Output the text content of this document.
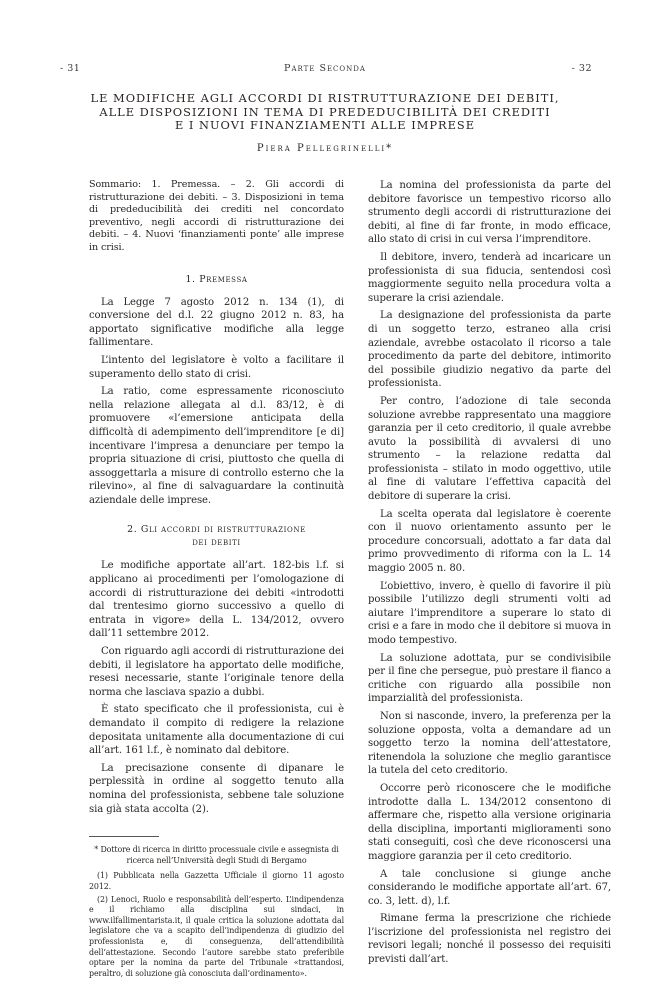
- 31	Parte Seconda	- 32
LE MODIFICHE AGLI ACCORDI DI RISTRUTTURAZIONE DEI DEBITI,
ALLE DISPOSIZIONI IN TEMA DI PREDEDUCIBILITÀ DEI CREDITI
E I NUOVI FINANZIAMENTI ALLE IMPRESE
Piera Pellegrinelli*

Sommario: 1. Premessa. – 2. Gli accordi di ristrutturazione dei debiti. – 3. Disposizioni in tema di prededucibilità dei crediti nel concordato preventivo, negli accordi di ristrutturazione dei debiti. – 4. Nuovi ‘finanziamenti ponte’ alle imprese in crisi.

1. Premessa

La Legge 7 agosto 2012 n. 134 (1), di conversione del d.l. 22 giugno 2012 n. 83, ha apportato significative modifiche alla legge fallimentare.

L’intento del legislatore è volto a facilitare il superamento dello stato di crisi.

La ratio, come espressamente riconosciuto nella relazione allegata al d.l. 83/12, è di promuovere «l’emersione anticipata della difficoltà di adempimento dell’imprenditore [e di] incentivare l’impresa a denunciare per tempo la propria situazione di crisi, piuttosto che quella di assoggettarla a misure di controllo esterno che la rilevino», al fine di salvaguardare la continuità aziendale delle imprese.

2. Gli accordi di ristrutturazione
dei debiti

Le modifiche apportate all’art. 182-bis l.f. si applicano ai procedimenti per l’omologazione di accordi di ristrutturazione dei debiti «introdotti dal trentesimo giorno successivo a quello di entrata in vigore» della L. 134/2012, ovvero dall’11 settembre 2012.

Con riguardo agli accordi di ristrutturazione dei debiti, il legislatore ha apportato delle modifiche, resesi necessarie, stante l’originale tenore della norma che lasciava spazio a dubbi.

È stato specificato che il professionista, cui è demandato il compito di redigere la relazione depositata unitamente alla documentazione di cui all’art. 161 l.f., è nominato dal debitore.

La precisazione consente di dipanare le perplessità in ordine al soggetto tenuto alla nomina del professionista, sebbene tale soluzione sia già stata accolta (2).

* Dottore di ricerca in diritto processuale civile e assegnista di ricerca nell’Università degli Studi di Bergamo

(1) Pubblicata nella Gazzetta Ufficiale il giorno 11 agosto 2012.

(2) Lenoci, Ruolo e responsabilità dell’esperto. L’indipendenza e il richiamo alla disciplina sui sindaci, in www.ilfallimentarista.it, il quale critica la soluzione adottata dal legislatore che va a scapito dell’indipendenza di giudizio del professionista e, di conseguenza, dell’attendibilità dell’attestazione. Secondo l’autore sarebbe stato preferibile optare per la nomina da parte del Tribunale «trattandosi, peraltro, di soluzione già conosciuta dall’ordinamento».

La nomina del professionista da parte del debitore favorisce un tempestivo ricorso allo strumento degli accordi di ristrutturazione dei debiti, al fine di far fronte, in modo efficace, allo stato di crisi in cui versa l’imprenditore.

Il debitore, invero, tenderà ad incaricare un professionista di sua fiducia, sentendosi così maggiormente seguito nella procedura volta a superare la crisi aziendale.

La designazione del professionista da parte di un soggetto terzo, estraneo alla crisi aziendale, avrebbe ostacolato il ricorso a tale procedimento da parte del debitore, intimorito del possibile giudizio negativo da parte del professionista.

Per contro, l’adozione di tale seconda soluzione avrebbe rappresentato una maggiore garanzia per il ceto creditorio, il quale avrebbe avuto la possibilità di avvalersi di uno strumento – la relazione redatta dal professionista – stilato in modo oggettivo, utile al fine di valutare l’effettiva capacità del debitore di superare la crisi.

La scelta operata dal legislatore è coerente con il nuovo orientamento assunto per le procedure concorsuali, adottato a far data dal primo provvedimento di riforma con la L. 14 maggio 2005 n. 80.

L’obiettivo, invero, è quello di favorire il più possibile l’utilizzo degli strumenti volti ad aiutare l’imprenditore a superare lo stato di crisi e a fare in modo che il debitore si muova in modo tempestivo.

La soluzione adottata, pur se condivisibile per il fine che persegue, può prestare il fianco a critiche con riguardo alla possibile non imparzialità del professionista.

Non si nasconde, invero, la preferenza per la soluzione opposta, volta a demandare ad un soggetto terzo la nomina dell’attestatore, ritenendola la soluzione che meglio garantisce la tutela del ceto creditorio.

Occorre però riconoscere che le modifiche introdotte dalla L. 134/2012 consentono di affermare che, rispetto alla versione originaria della disciplina, importanti miglioramenti sono stati conseguiti, così che deve riconoscersi una maggiore garanzia per il ceto creditorio.

A tale conclusione si giunge anche considerando le modifiche apportate all’art. 67, co. 3, lett. d), l.f.

Rimane ferma la prescrizione che richiede l’iscrizione del professionista nel registro dei revisori legali; nonché il possesso dei requisiti previsti dall’art.
